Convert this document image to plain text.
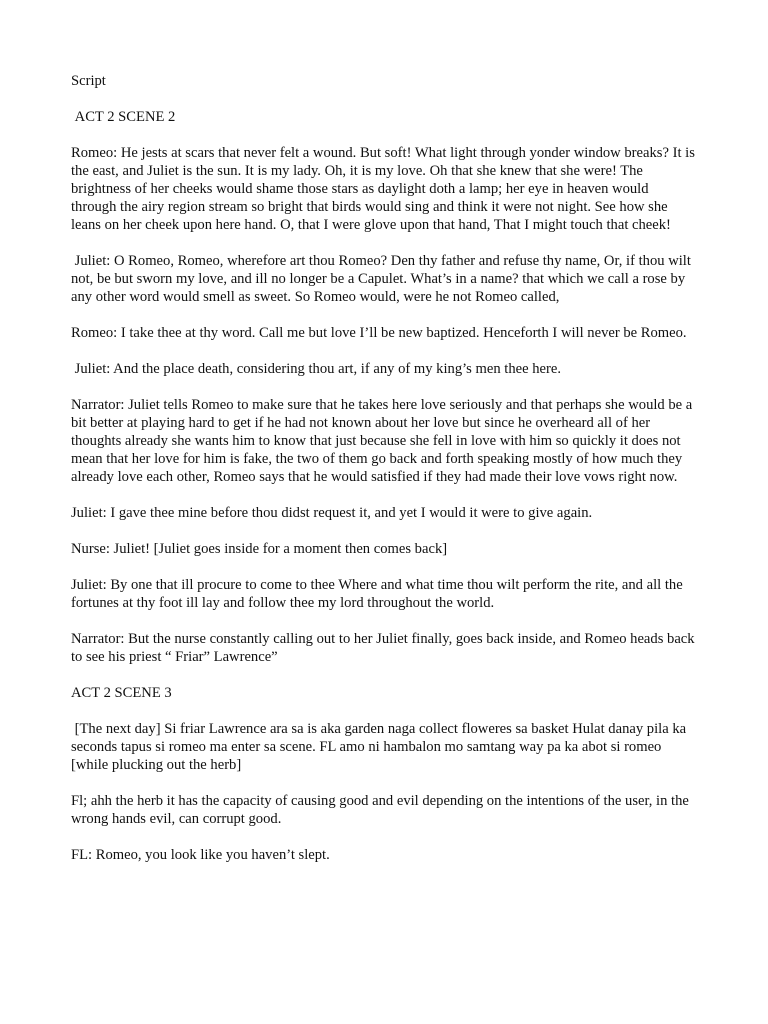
Script

ACT 2 SCENE 2

Romeo: He jests at scars that never felt a wound. But soft! What light through yonder window breaks? It is the east, and Juliet is the sun. It is my lady. Oh, it is my love. Oh that she knew that she were! The brightness of her cheeks would shame those stars as daylight doth a lamp; her eye in heaven would through the airy region stream so bright that birds would sing and think it were not night. See how she leans on her cheek upon here hand. O, that I were glove upon that hand, That I might touch that cheek!

Juliet: O Romeo, Romeo, wherefore art thou Romeo? Den thy father and refuse thy name, Or, if thou wilt not, be but sworn my love, and ill no longer be a Capulet. What’s in a name? that which we call a rose by any other word would smell as sweet. So Romeo would, were he not Romeo called,

Romeo: I take thee at thy word. Call me but love I’ll be new baptized. Henceforth I will never be Romeo.

Juliet: And the place death, considering thou art, if any of my king’s men thee here.

Narrator: Juliet tells Romeo to make sure that he takes here love seriously and that perhaps she would be a bit better at playing hard to get if he had not known about her love but since he overheard all of her thoughts already she wants him to know that just because she fell in love with him so quickly it does not mean that her love for him is fake, the two of them go back and forth speaking mostly of how much they already love each other, Romeo says that he would satisfied if they had made their love vows right now.

Juliet: I gave thee mine before thou didst request it, and yet I would it were to give again.

Nurse: Juliet! [Juliet goes inside for a moment then comes back]

Juliet: By one that ill procure to come to thee Where and what time thou wilt perform the rite, and all the fortunes at thy foot ill lay and follow thee my lord throughout the world.

Narrator: But the nurse constantly calling out to her Juliet finally, goes back inside, and Romeo heads back to see his priest “ Friar” Lawrence”

ACT 2 SCENE 3

[The next day] Si friar Lawrence ara sa is aka garden naga collect floweres sa basket Hulat danay pila ka seconds tapus si romeo ma enter sa scene. FL amo ni hambalon mo samtang way pa ka abot si romeo [while plucking out the herb]

Fl; ahh the herb it has the capacity of causing good and evil depending on the intentions of the user, in the wrong hands evil, can corrupt good.

FL: Romeo, you look like you haven’t slept.
